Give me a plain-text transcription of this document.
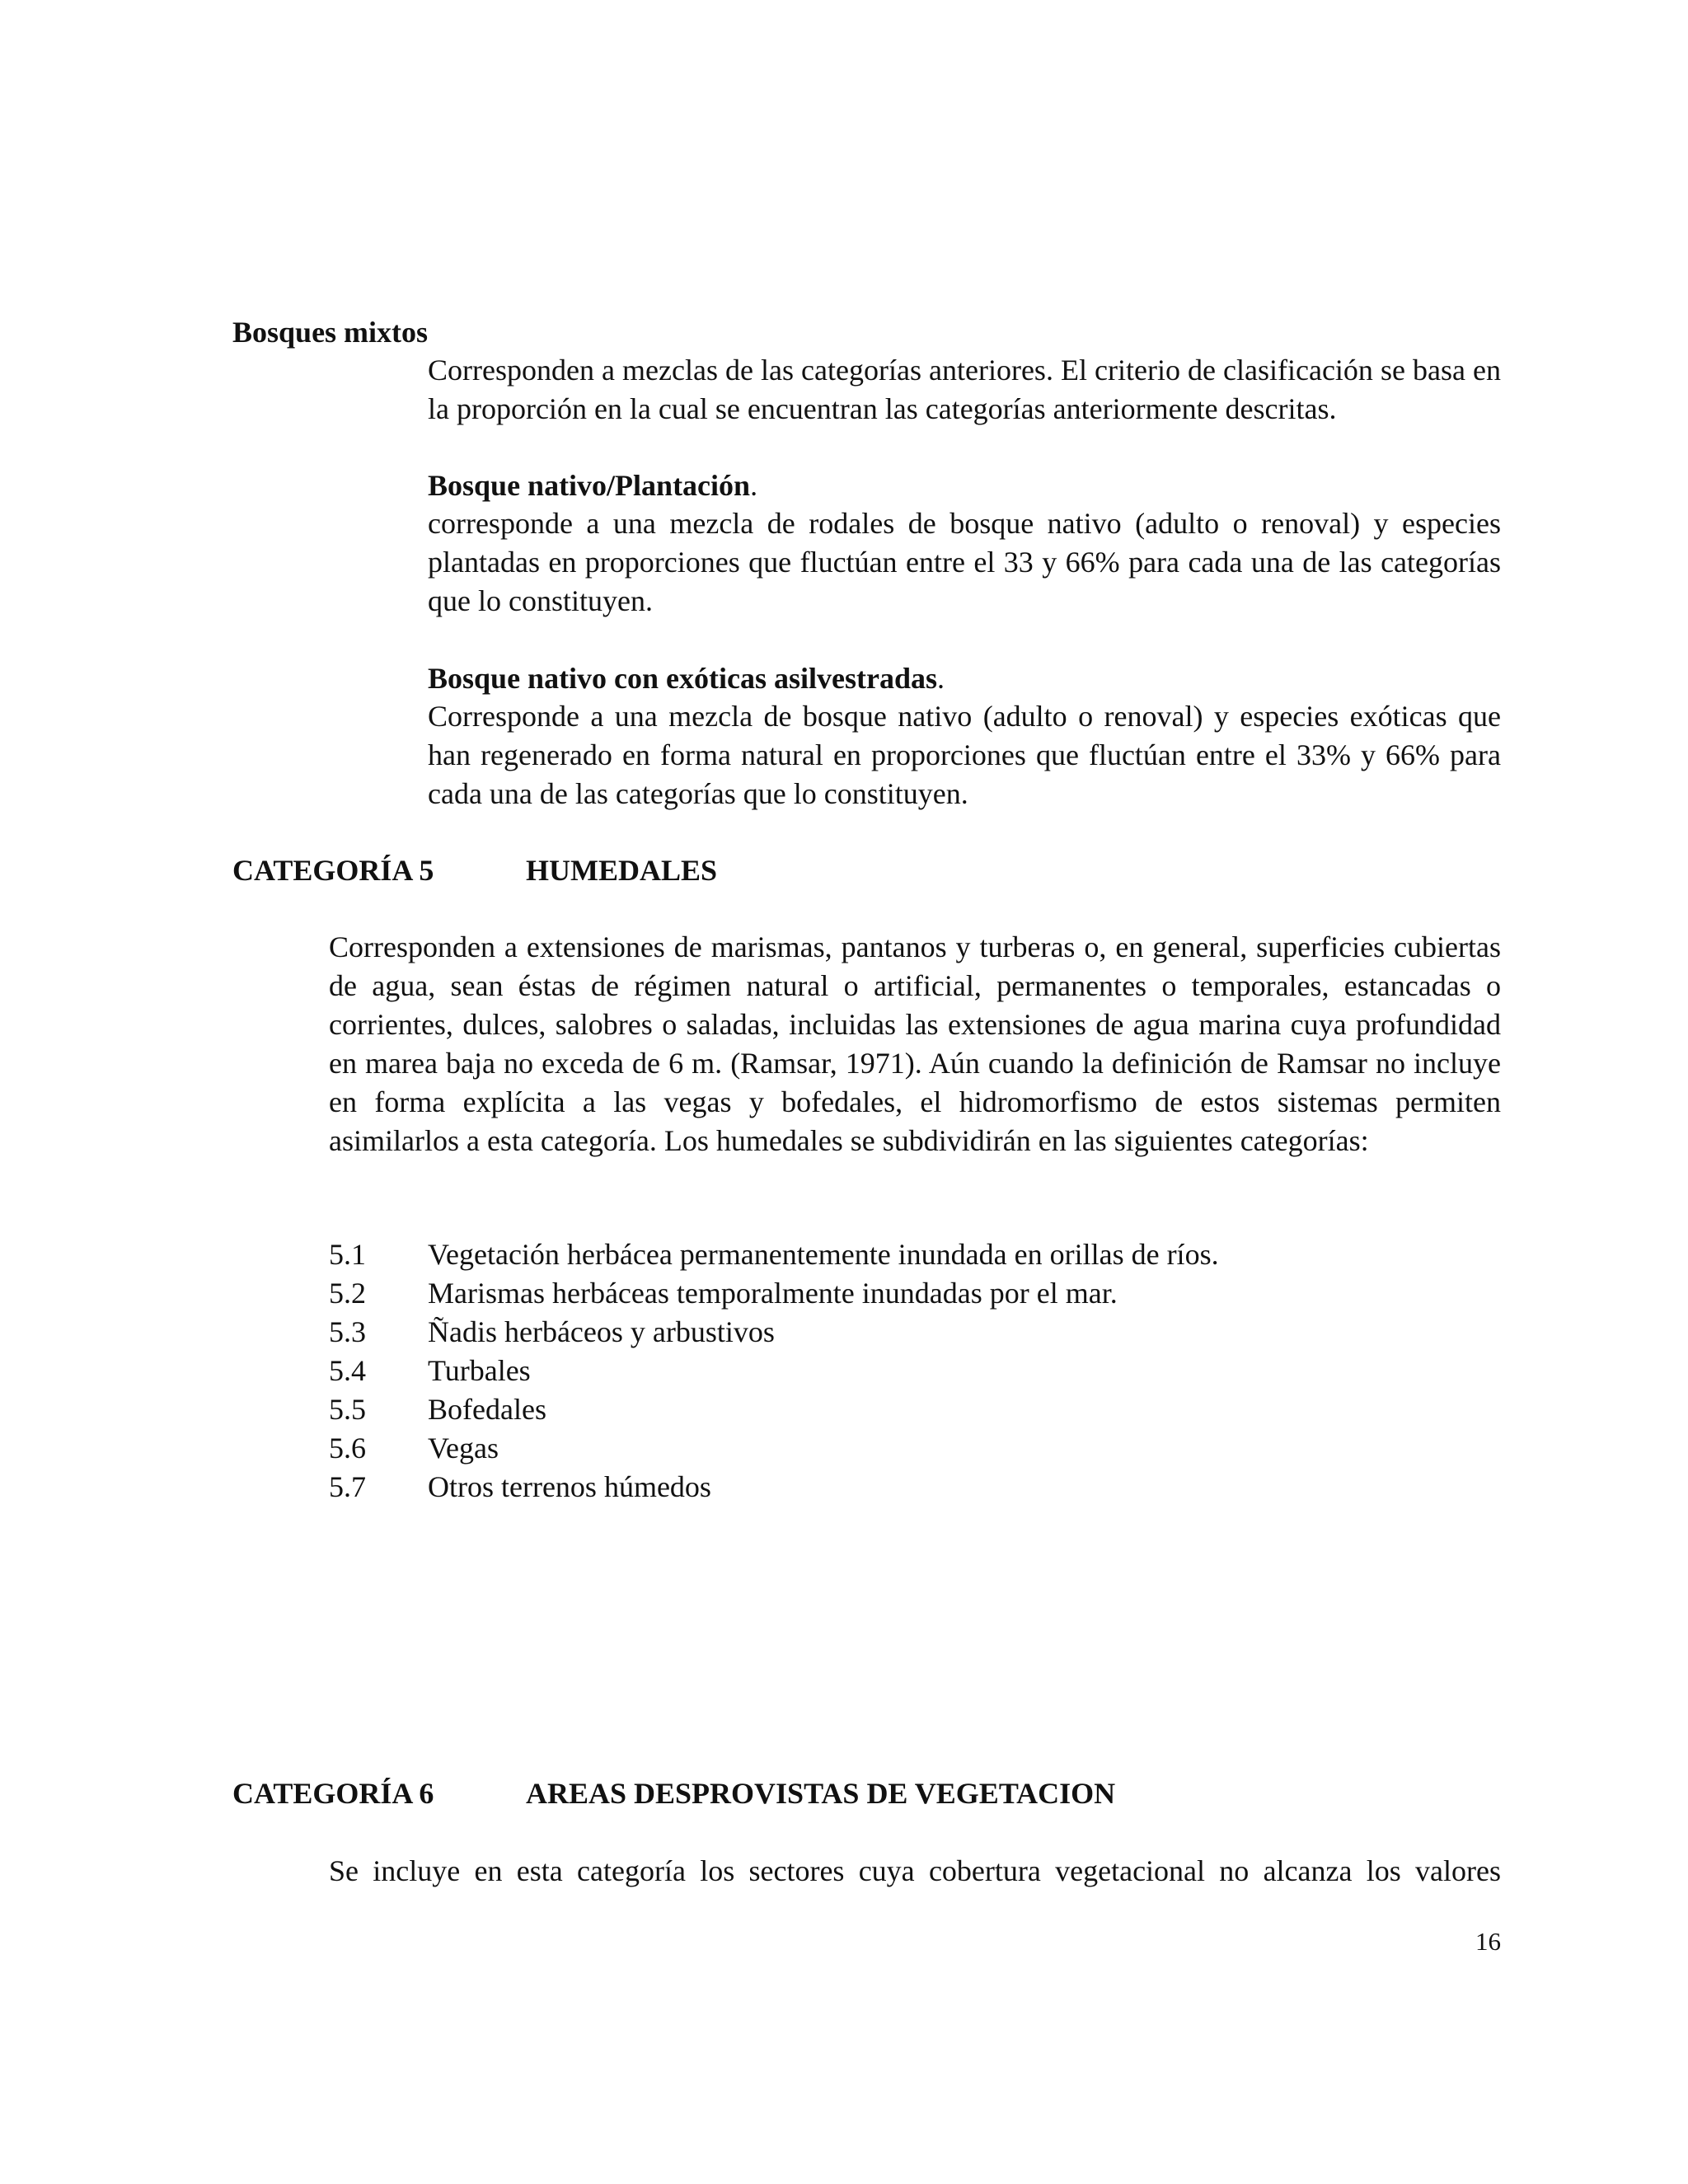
Bosques mixtos
Corresponden a mezclas de las categorías anteriores. El criterio de clasificación se basa en la proporción en la cual se encuentran las categorías anteriormente descritas.
Bosque nativo/Plantación.
corresponde a una mezcla de rodales de bosque nativo (adulto o renoval) y especies plantadas en proporciones que fluctúan entre el 33 y 66% para cada una de las categorías que lo constituyen.
Bosque nativo con exóticas asilvestradas.
Corresponde a una mezcla de bosque nativo (adulto o renoval) y especies exóticas que han regenerado en forma natural en proporciones que fluctúan entre el 33% y 66% para cada una de las categorías que lo constituyen.
CATEGORÍA 5	HUMEDALES
Corresponden a extensiones de marismas, pantanos y turberas o, en general, superficies cubiertas de agua, sean éstas de régimen natural o artificial, permanentes o temporales, estancadas o corrientes, dulces, salobres o saladas, incluidas las extensiones de agua marina cuya profundidad en marea baja no exceda de 6 m. (Ramsar, 1971). Aún cuando la definición de Ramsar no incluye en forma explícita a las vegas y bofedales, el hidromorfismo de estos sistemas permiten asimilarlos a esta categoría. Los humedales se subdividirán en las siguientes categorías:
5.1	Vegetación herbácea permanentemente inundada en orillas de ríos.
5.2	Marismas herbáceas temporalmente inundadas por el mar.
5.3	Ñadis herbáceos y arbustivos
5.4	Turbales
5.5	Bofedales
5.6	Vegas
5.7	Otros terrenos húmedos
CATEGORÍA 6	AREAS DESPROVISTAS DE VEGETACION
Se incluye en esta categoría los sectores cuya cobertura vegetacional no alcanza los valores
16
